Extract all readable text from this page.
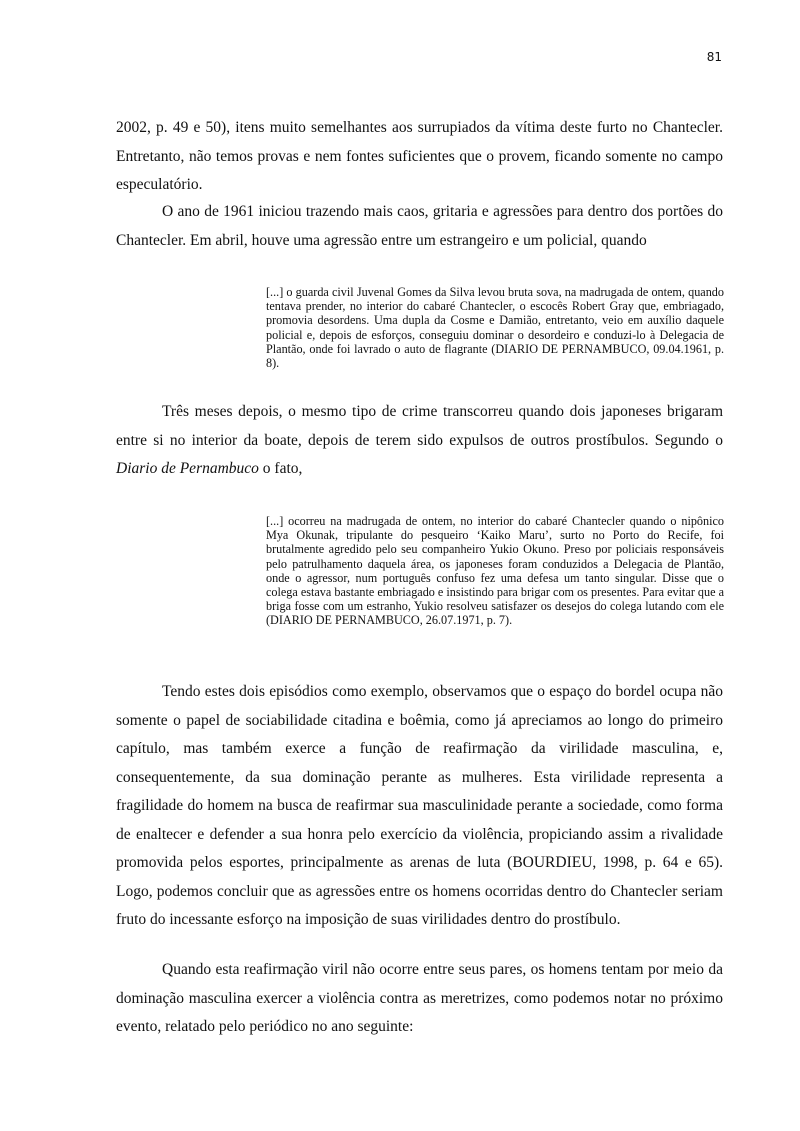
81

2002, p. 49 e 50), itens muito semelhantes aos surrupiados da vítima deste furto no Chantecler. Entretanto, não temos provas e nem fontes suficientes que o provem, ficando somente no campo especulatório.

O ano de 1961 iniciou trazendo mais caos, gritaria e agressões para dentro dos portões do Chantecler. Em abril, houve uma agressão entre um estrangeiro e um policial, quando

[...] o guarda civil Juvenal Gomes da Silva levou bruta sova, na madrugada de ontem, quando tentava prender, no interior do cabaré Chantecler, o escocês Robert Gray que, embriagado, promovia desordens. Uma dupla da Cosme e Damião, entretanto, veio em auxílio daquele policial e, depois de esforços, conseguiu dominar o desordeiro e conduzi-lo à Delegacia de Plantão, onde foi lavrado o auto de flagrante (DIARIO DE PERNAMBUCO, 09.04.1961, p. 8).

Três meses depois, o mesmo tipo de crime transcorreu quando dois japoneses brigaram entre si no interior da boate, depois de terem sido expulsos de outros prostíbulos. Segundo o Diario de Pernambuco o fato,

[...] ocorreu na madrugada de ontem, no interior do cabaré Chantecler quando o nipônico Mya Okunak, tripulante do pesqueiro ‘Kaiko Maru’, surto no Porto do Recife, foi brutalmente agredido pelo seu companheiro Yukio Okuno. Preso por policiais responsáveis pelo patrulhamento daquela área, os japoneses foram conduzidos a Delegacia de Plantão, onde o agressor, num português confuso fez uma defesa um tanto singular. Disse que o colega estava bastante embriagado e insistindo para brigar com os presentes. Para evitar que a briga fosse com um estranho, Yukio resolveu satisfazer os desejos do colega lutando com ele (DIARIO DE PERNAMBUCO, 26.07.1971, p. 7).

Tendo estes dois episódios como exemplo, observamos que o espaço do bordel ocupa não somente o papel de sociabilidade citadina e boêmia, como já apreciamos ao longo do primeiro capítulo, mas também exerce a função de reafirmação da virilidade masculina, e, consequentemente, da sua dominação perante as mulheres. Esta virilidade representa a fragilidade do homem na busca de reafirmar sua masculinidade perante a sociedade, como forma de enaltecer e defender a sua honra pelo exercício da violência, propiciando assim a rivalidade promovida pelos esportes, principalmente as arenas de luta (BOURDIEU, 1998, p. 64 e 65). Logo, podemos concluir que as agressões entre os homens ocorridas dentro do Chantecler seriam fruto do incessante esforço na imposição de suas virilidades dentro do prostíbulo.

Quando esta reafirmação viril não ocorre entre seus pares, os homens tentam por meio da dominação masculina exercer a violência contra as meretrizes, como podemos notar no próximo evento, relatado pelo periódico no ano seguinte:
